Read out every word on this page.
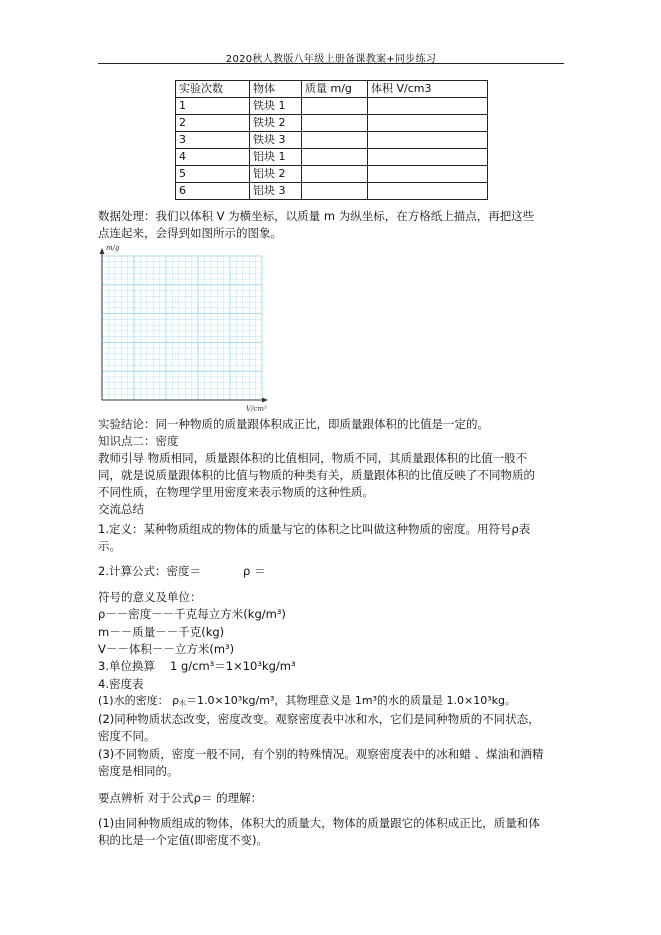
2020秋人教版八年级上册备课教案+同步练习
实验次数	物体	质量 m/g	体积 V/cm3
1	铁块 1		
2	铁块 2		
3	铁块 3		
4	铝块 1		
5	铝块 2		
6	铝块 3		
数据处理：我们以体积 V 为横坐标，以质量 m 为纵坐标，在方格纸上描点，再把这些
点连起来，会得到如图所示的图象。
m/g
V/cm³
实验结论：同一种物质的质量跟体积成正比，即质量跟体积的比值是一定的。
知识点二：密度
教师引导 物质相同，质量跟体积的比值相同，物质不同，其质量跟体积的比值一般不
同，就是说质量跟体积的比值与物质的种类有关，质量跟体积的比值反映了不同物质的
不同性质，在物理学里用密度来表示物质的这种性质。
交流总结
1.定义：某种物质组成的物体的质量与它的体积之比叫做这种物质的密度。用符号ρ表
示。
2.计算公式：密度＝	ρ ＝
符号的意义及单位：
ρ－－密度－－千克每立方米(kg/m³)
m－－质量－－千克(kg)
V－－体积－－立方米(m³)
3.单位换算 1 g/cm³＝1×10³kg/m³
4.密度表
(1)水的密度： ρ水＝1.0×10³kg/m³，其物理意义是 1m³的水的质量是 1.0×10³kg。
(2)同种物质状态改变，密度改变。观察密度表中冰和水，它们是同种物质的不同状态，
密度不同。
(3)不同物质，密度一般不同，有个别的特殊情况。观察密度表中的冰和蜡 、煤油和酒精
密度是相同的。
要点辨析 对于公式ρ＝ 的理解：
(1)由同种物质组成的物体，体积大的质量大，物体的质量跟它的体积成正比，质量和体
积的比是一个定值(即密度不变)。
